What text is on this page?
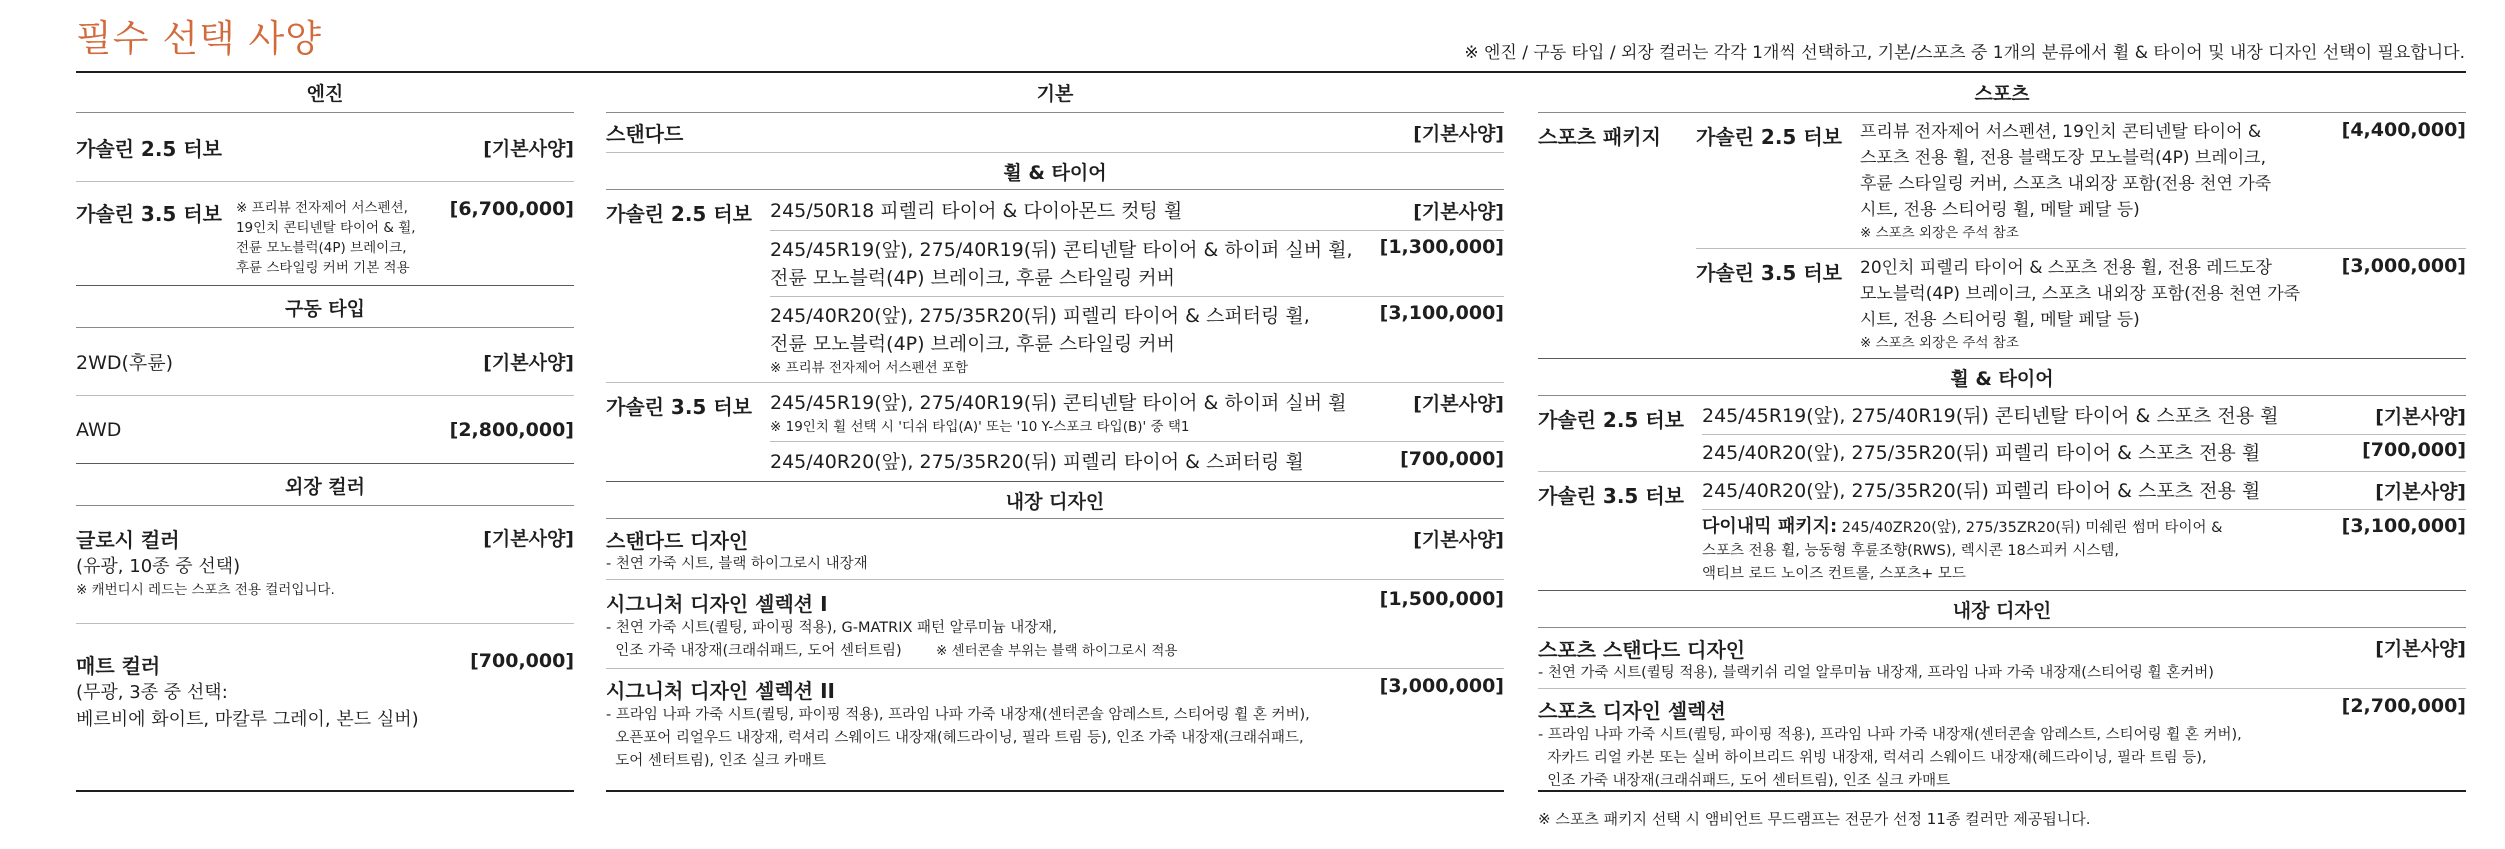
필수 선택 사양	※ 엔진 / 구동 타입 / 외장 컬러는 각각 1개씩 선택하고, 기본/스포츠 중 1개의 분류에서 휠 & 타이어 및 내장 디자인 선택이 필요합니다.
엔진
가솔린 2.5 터보	[기본사양]
가솔린 3.5 터보 ※ 프리뷰 전자제어 서스펜션,
19인치 콘티넨탈 타이어 & 휠,
전륜 모노블럭(4P) 브레이크,
후륜 스타일링 커버 기본 적용
[6,700,000]
구동 타입
2WD(후륜)	[기본사양]
AWD	[2,800,000]
외장 컬러
글로시 컬러
(유광, 10종 중 선택)
※ 캐번디시 레드는 스포츠 전용 컬러입니다.
[기본사양]
매트 컬러
(무광, 3종 중 선택:
베르비에 화이트, 마칼루 그레이, 본드 실버)
[700,000]
기본
스탠다드	[기본사양]
휠 & 타이어
가솔린 2.5 터보 245/50R18 피렐리 타이어 & 다이아몬드 컷팅 휠	[기본사양]
245/45R19(앞), 275/40R19(뒤) 콘티넨탈 타이어 & 하이퍼 실버 휠,
전륜 모노블럭(4P) 브레이크, 후륜 스타일링 커버
[1,300,000]
245/40R20(앞), 275/35R20(뒤) 피렐리 타이어 & 스퍼터링 휠,
전륜 모노블럭(4P) 브레이크, 후륜 스타일링 커버
※ 프리뷰 전자제어 서스펜션 포함
[3,100,000]
가솔린 3.5 터보 245/45R19(앞), 275/40R19(뒤) 콘티넨탈 타이어 & 하이퍼 실버 휠
※ 19인치 휠 선택 시 '디쉬 타입(A)' 또는 '10 Y-스포크 타입(B)' 중 택1
[기본사양]
245/40R20(앞), 275/35R20(뒤) 피렐리 타이어 & 스퍼터링 휠	[700,000]
내장 디자인
스탠다드 디자인
- 천연 가죽 시트, 블랙 하이그로시 내장재
[기본사양]
시그니처 디자인 셀렉션 I
- 천연 가죽 시트(퀼팅, 파이핑 적용), G-MATRIX 패턴 알루미늄 내장재,
인조 가죽 내장재(크래쉬패드, 도어 센터트림)	※ 센터콘솔 부위는 블랙 하이그로시 적용
[1,500,000]
시그니처 디자인 셀렉션 II
- 프라임 나파 가죽 시트(퀼팅, 파이핑 적용), 프라임 나파 가죽 내장재(센터콘솔 암레스트, 스티어링 휠 혼 커버),
오픈포어 리얼우드 내장재, 럭셔리 스웨이드 내장재(헤드라이닝, 필라 트림 등), 인조 가죽 내장재(크래쉬패드,
도어 센터트림), 인조 실크 카매트
[3,000,000]
스포츠
스포츠 패키지	가솔린 2.5 터보	프리뷰 전자제어 서스펜션, 19인치 콘티넨탈 타이어 &
스포츠 전용 휠, 전용 블랙도장 모노블럭(4P) 브레이크,
후륜 스타일링 커버, 스포츠 내외장 포함(전용 천연 가죽
시트, 전용 스티어링 휠, 메탈 페달 등)
※ 스포츠 외장은 주석 참조
[4,400,000]
가솔린 3.5 터보	20인치 피렐리 타이어 & 스포츠 전용 휠, 전용 레드도장
모노블럭(4P) 브레이크, 스포츠 내외장 포함(전용 천연 가죽
시트, 전용 스티어링 휠, 메탈 페달 등)
※ 스포츠 외장은 주석 참조
[3,000,000]
휠 & 타이어
가솔린 2.5 터보 245/45R19(앞), 275/40R19(뒤) 콘티넨탈 타이어 & 스포츠 전용 휠	[기본사양]
245/40R20(앞), 275/35R20(뒤) 피렐리 타이어 & 스포츠 전용 휠	[700,000]
가솔린 3.5 터보 245/40R20(앞), 275/35R20(뒤) 피렐리 타이어 & 스포츠 전용 휠	[기본사양]
다이내믹 패키지: 245/40ZR20(앞), 275/35ZR20(뒤) 미쉐린 썸머 타이어 &
스포츠 전용 휠, 능동형 후륜조향(RWS), 렉시콘 18스피커 시스템,
액티브 로드 노이즈 컨트롤, 스포츠+ 모드
[3,100,000]
내장 디자인
스포츠 스탠다드 디자인
- 천연 가죽 시트(퀼팅 적용), 블랙키쉬 리얼 알루미늄 내장재, 프라임 나파 가죽 내장재(스티어링 휠 혼커버)
[기본사양]
스포츠 디자인 셀렉션
- 프라임 나파 가죽 시트(퀼팅, 파이핑 적용), 프라임 나파 가죽 내장재(센터콘솔 암레스트, 스티어링 휠 혼 커버),
자카드 리얼 카본 또는 실버 하이브리드 위빙 내장재, 럭셔리 스웨이드 내장재(헤드라이닝, 필라 트림 등),
인조 가죽 내장재(크래쉬패드, 도어 센터트림), 인조 실크 카매트
[2,700,000]
※ 스포츠 패키지 선택 시 앰비언트 무드램프는 전문가 선정 11종 컬러만 제공됩니다.
